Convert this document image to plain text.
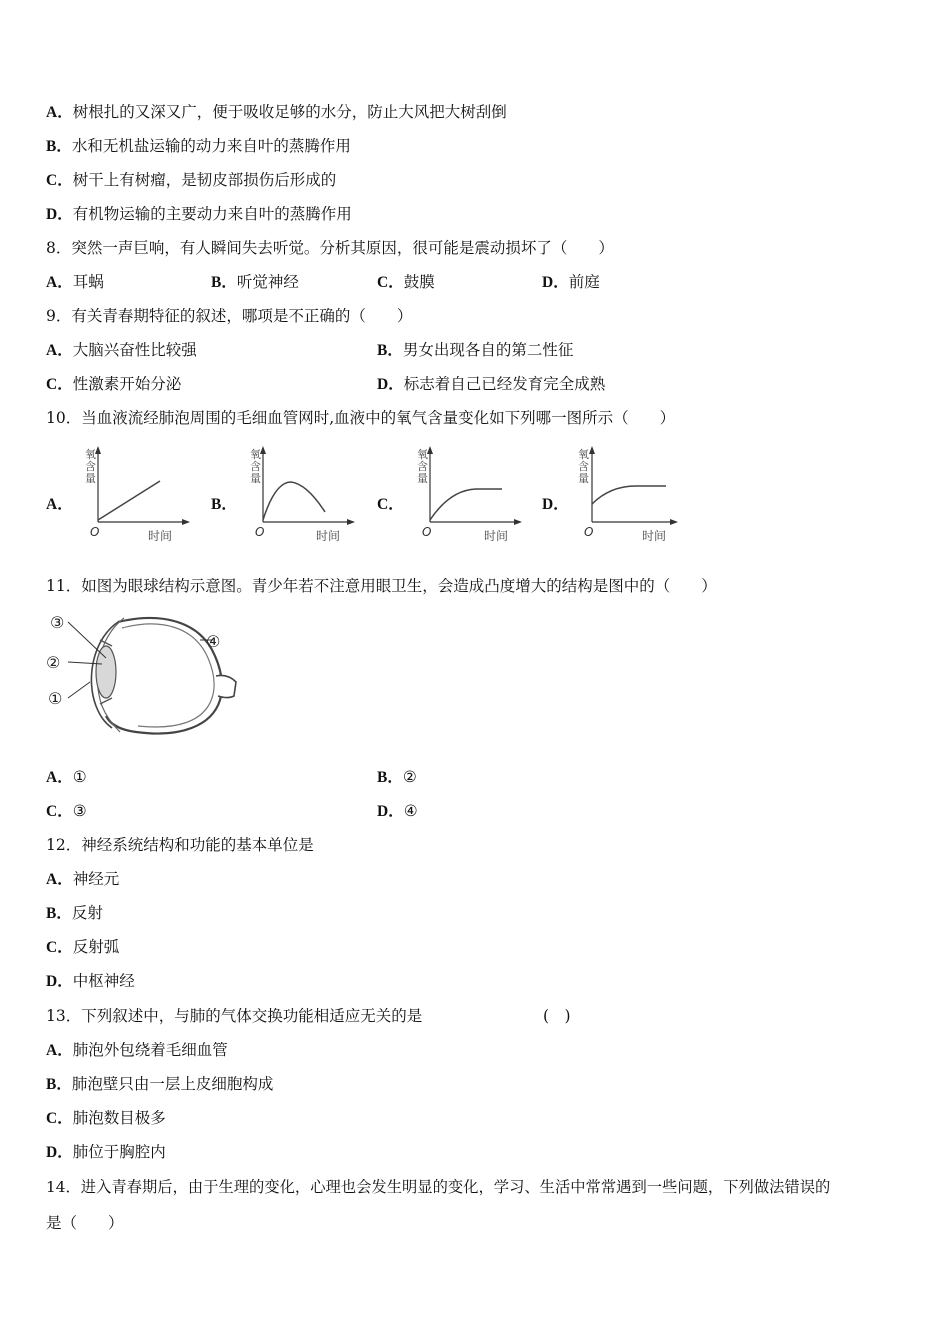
A．树根扎的又深又广，便于吸收足够的水分，防止大风把大树刮倒
B．水和无机盐运输的动力来自叶的蒸腾作用
C．树干上有树瘤，是韧皮部损伤后形成的
D．有机物运输的主要动力来自叶的蒸腾作用
8．突然一声巨响，有人瞬间失去听觉。分析其原因，很可能是震动损坏了（　　）
A．耳蜗	B．听觉神经	C．鼓膜	D．前庭
9．有关青春期特征的叙述，哪项是不正确的（　　）
A．大脑兴奋性比较强	B．男女出现各自的第二性征
C．性激素开始分泌	D．标志着自己已经发育完全成熟
10．当血液流经肺泡周围的毛细血管网时,血液中的氧气含量变化如下列哪一图所示（　　）
A．
氧含量
O	时间
B．
氧含量
O	时间
C．
氧含量
O	时间
D．
氧含量
O	时间
11．如图为眼球结构示意图。青少年若不注意用眼卫生，会造成凸度增大的结构是图中的（　　）
③
②
①
④
A．①	B．②
C．③	D．④
12．神经系统结构和功能的基本单位是
A．神经元
B．反射
C．反射弧
D．中枢神经
13．下列叙述中，与肺的气体交换功能相适应无关的是	(　)
A．肺泡外包绕着毛细血管
B．肺泡壁只由一层上皮细胞构成
C．肺泡数目极多
D．肺位于胸腔内
14．进入青春期后，由于生理的变化，心理也会发生明显的变化，学习、生活中常常遇到一些问题，下列做法错误的
是（　　）
